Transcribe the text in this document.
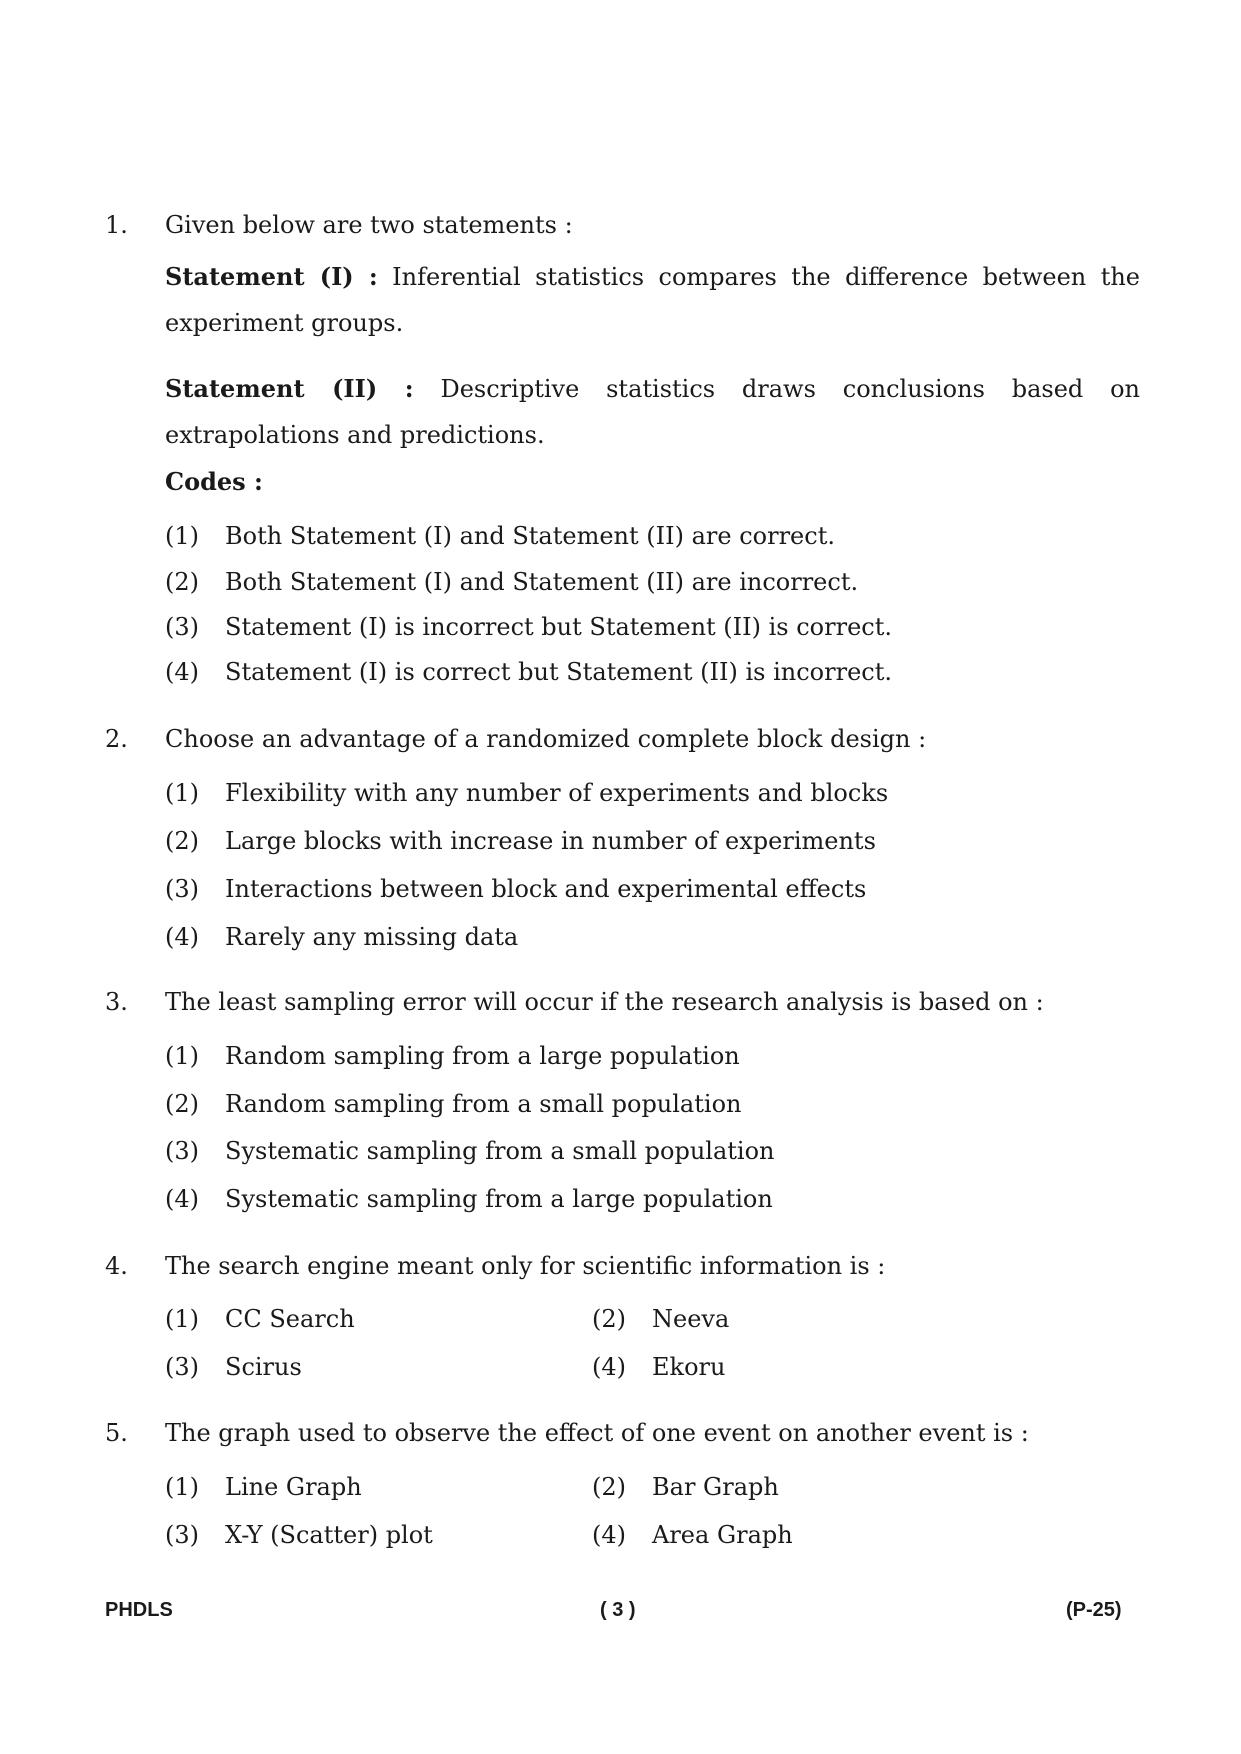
1. Given below are two statements :
Statement (I) : Inferential statistics compares the difference between the experiment groups.
Statement (II) : Descriptive statistics draws conclusions based on extrapolations and predictions.
Codes :
(1) Both Statement (I) and Statement (II) are correct.
(2) Both Statement (I) and Statement (II) are incorrect.
(3) Statement (I) is incorrect but Statement (II) is correct.
(4) Statement (I) is correct but Statement (II) is incorrect.
2. Choose an advantage of a randomized complete block design :
(1) Flexibility with any number of experiments and blocks
(2) Large blocks with increase in number of experiments
(3) Interactions between block and experimental effects
(4) Rarely any missing data
3. The least sampling error will occur if the research analysis is based on :
(1) Random sampling from a large population
(2) Random sampling from a small population
(3) Systematic sampling from a small population
(4) Systematic sampling from a large population
4. The search engine meant only for scientific information is :
(1) CC Search	(2) Neeva
(3) Scirus	(4) Ekoru
5. The graph used to observe the effect of one event on another event is :
(1) Line Graph	(2) Bar Graph
(3) X-Y (Scatter) plot	(4) Area Graph
PHDLS	( 3 )	(P-25)
